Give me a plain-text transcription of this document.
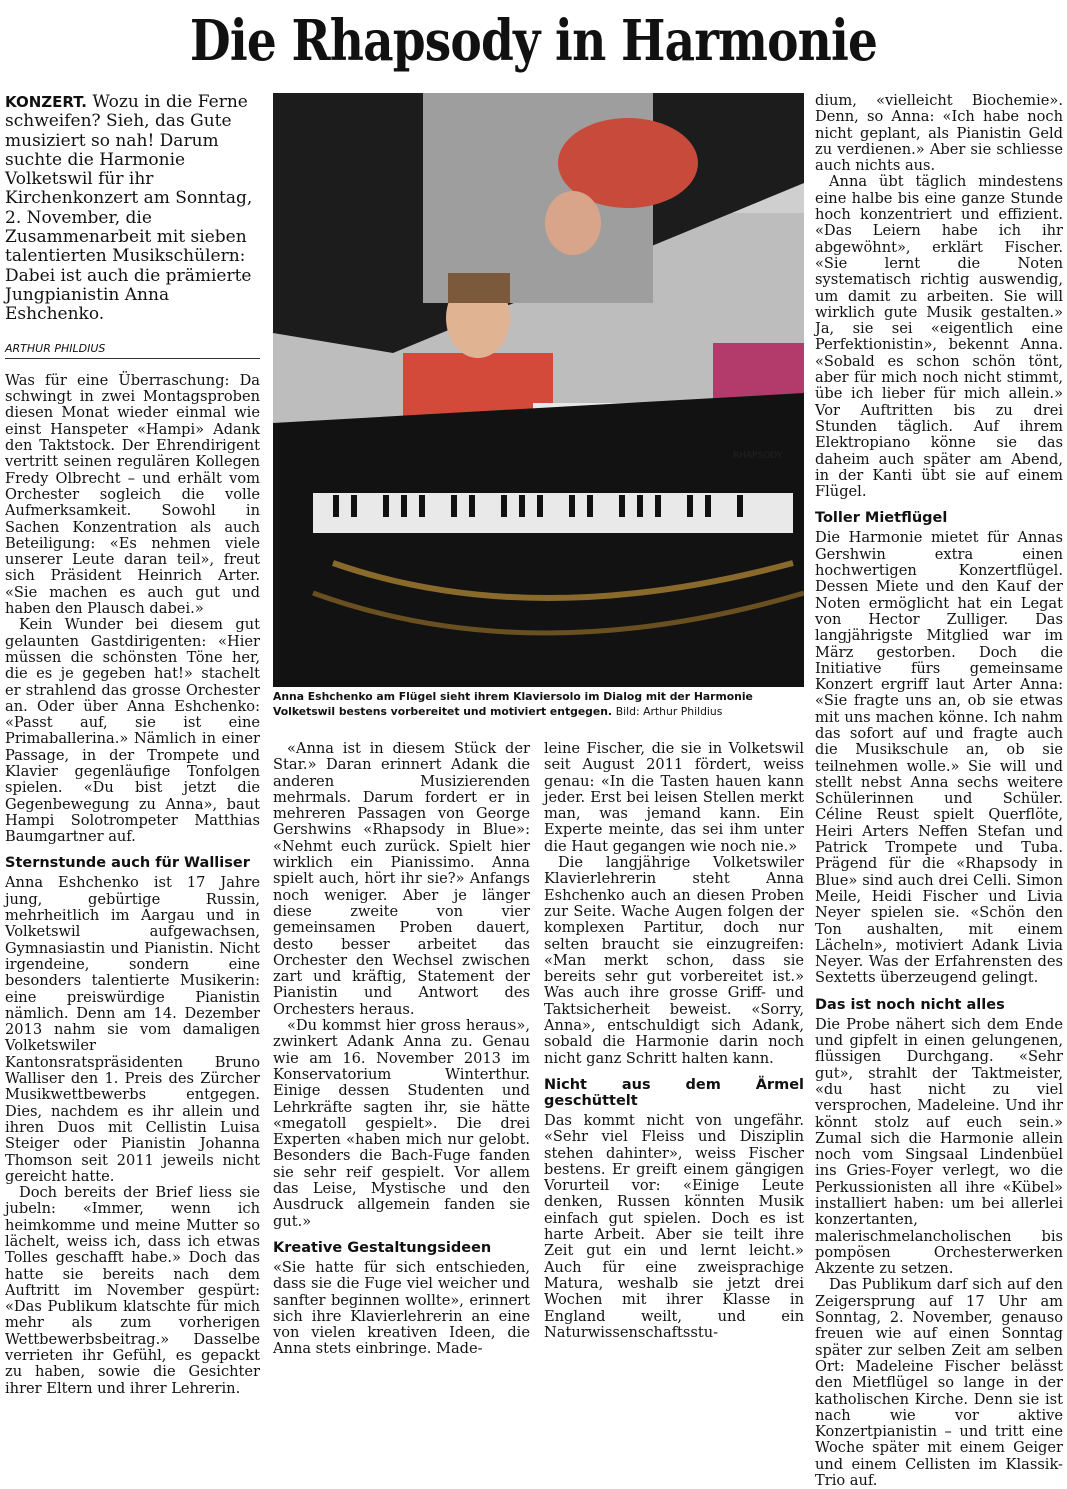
Die Rhapsody in Harmonie
KONZERT. Wozu in die Ferne schweifen? Sieh, das Gute musiziert so nah! Darum suchte die Harmonie Volketswil für ihr Kirchenkonzert am Sonntag, 2. November, die Zusammenarbeit mit sieben talentierten Musikschülern: Dabei ist auch die prämierte Jungpianistin Anna Eshchenko.
ARTHUR PHILDIUS

Was für eine Überraschung: Da schwingt in zwei Montagsproben diesen Monat wieder einmal wie einst Hanspeter «Hampi» Adank den Taktstock. Der Ehrendirigent vertritt seinen regulären Kollegen Fredy Olbrecht – und erhält vom Orchester sogleich die volle Aufmerksamkeit. Sowohl in Sachen Konzentration als auch Beteiligung: «Es nehmen viele unserer Leute daran teil», freut sich Präsident Heinrich Arter. «Sie machen es auch gut und haben den Plausch dabei.»

Kein Wunder bei diesem gut gelaunten Gastdirigenten: «Hier müssen die schönsten Töne her, die es je gegeben hat!» stachelt er strahlend das grosse Orchester an. Oder über Anna Eshchenko: «Passt auf, sie ist eine Primaballerina.» Nämlich in einer Passage, in der Trompete und Klavier gegenläufige Tonfolgen spielen. «Du bist jetzt die Gegenbewegung zu Anna», baut Hampi Solotrompeter Matthias Baumgartner auf.

Sternstunde auch für Walliser

Anna Eshchenko ist 17 Jahre jung, gebürtige Russin, mehrheitlich im Aargau und in Volketswil aufgewachsen, Gymnasiastin und Pianistin. Nicht irgendeine, sondern eine besonders talentierte Musikerin: eine preiswürdige Pianistin nämlich. Denn am 14. Dezember 2013 nahm sie vom damaligen Volketswiler Kantonsratspräsidenten Bruno Walliser den 1. Preis des Zürcher Musikwettbewerbs entgegen. Dies, nachdem es ihr allein und ihren Duos mit Cellistin Luisa Steiger oder Pianistin Johanna Thomson seit 2011 jeweils nicht gereicht hatte.

Doch bereits der Brief liess sie jubeln: «Immer, wenn ich heimkomme und meine Mutter so lächelt, weiss ich, dass ich etwas Tolles geschafft habe.» Doch das hatte sie bereits nach dem Auftritt im November gespürt: «Das Publikum klatschte für mich mehr als zum vorherigen Wettbewerbsbeitrag.» Dasselbe verrieten ihr Gefühl, es gepackt zu haben, sowie die Gesichter ihrer Eltern und ihrer Lehrerin.

RHAPSODY
Anna Eshchenko am Flügel sieht ihrem Klaviersolo im Dialog mit der Harmonie Volketswil bestens vorbereitet und motiviert entgegen. Bild: Arthur Phildius

«Anna ist in diesem Stück der Star.» Daran erinnert Adank die anderen Musizierenden mehrmals. Darum fordert er in mehreren Passagen von George Gershwins «Rhapsody in Blue»: «Nehmt euch zurück. Spielt hier wirklich ein Pianissimo. Anna spielt auch, hört ihr sie?» Anfangs noch weniger. Aber je länger diese zweite von vier gemeinsamen Proben dauert, desto besser arbeitet das Orchester den Wechsel zwischen zart und kräftig, Statement der Pianistin und Antwort des Orchesters heraus.

«Du kommst hier gross heraus», zwinkert Adank Anna zu. Genau wie am 16. November 2013 im Konservatorium Winterthur. Einige dessen Studenten und Lehrkräfte sagten ihr, sie hätte «megatoll gespielt». Die drei Experten «haben mich nur gelobt. Besonders die Bach-Fuge fanden sie sehr reif gespielt. Vor allem das Leise, Mystische und den Ausdruck allgemein fanden sie gut.»

Kreative Gestaltungsideen

«Sie hatte für sich entschieden, dass sie die Fuge viel weicher und sanfter beginnen wollte», erinnert sich ihre Klavierlehrerin an eine von vielen kreativen Ideen, die Anna stets einbringe. Made-

leine Fischer, die sie in Volketswil seit August 2011 fördert, weiss genau: «In die Tasten hauen kann jeder. Erst bei leisen Stellen merkt man, was jemand kann. Ein Experte meinte, das sei ihm unter die Haut gegangen wie noch nie.»

Die langjährige Volketswiler Klavierlehrerin steht Anna Eshchenko auch an diesen Proben zur Seite. Wache Augen folgen der komplexen Partitur, doch nur selten braucht sie einzugreifen: «Man merkt schon, dass sie bereits sehr gut vorbereitet ist.» Was auch ihre grosse Griff- und Taktsicherheit beweist. «Sorry, Anna», entschuldigt sich Adank, sobald die Harmonie darin noch nicht ganz Schritt halten kann.

Nicht aus dem Ärmel geschüttelt

Das kommt nicht von ungefähr. «Sehr viel Fleiss und Disziplin stehen dahinter», weiss Fischer bestens. Er greift einem gängigen Vorurteil vor: «Einige Leute denken, Russen könnten Musik einfach gut spielen. Doch es ist harte Arbeit. Aber sie teilt ihre Zeit gut ein und lernt leicht.» Auch für eine zweisprachige Matura, weshalb sie jetzt drei Wochen mit ihrer Klasse in England weilt, und ein Naturwissenschaftsstu-

dium, «vielleicht Biochemie». Denn, so Anna: «Ich habe noch nicht geplant, als Pianistin Geld zu verdienen.» Aber sie schliesse auch nichts aus.

Anna übt täglich mindestens eine halbe bis eine ganze Stunde hoch konzentriert und effizient. «Das Leiern habe ich ihr abgewöhnt», erklärt Fischer. «Sie lernt die Noten systematisch richtig auswendig, um damit zu arbeiten. Sie will wirklich gute Musik gestalten.» Ja, sie sei «eigentlich eine Perfektionistin», bekennt Anna. «Sobald es schon schön tönt, aber für mich noch nicht stimmt, übe ich lieber für mich allein.» Vor Auftritten bis zu drei Stunden täglich. Auf ihrem Elektropiano könne sie das daheim auch später am Abend, in der Kanti übt sie auf einem Flügel.

Toller Mietflügel

Die Harmonie mietet für Annas Gershwin extra einen hochwertigen Konzertflügel. Dessen Miete und den Kauf der Noten ermöglicht hat ein Legat von Hector Zulliger. Das langjährigste Mitglied war im März gestorben. Doch die Initiative fürs gemeinsame Konzert ergriff laut Arter Anna: «Sie fragte uns an, ob sie etwas mit uns machen könne. Ich nahm das sofort auf und fragte auch die Musikschule an, ob sie teilnehmen wolle.» Sie will und stellt nebst Anna sechs weitere Schülerinnen und Schüler. Céline Reust spielt Querflöte, Heiri Arters Neffen Stefan und Patrick Trompete und Tuba. Prägend für die «Rhapsody in Blue» sind auch drei Celli. Simon Meile, Heidi Fischer und Livia Neyer spielen sie. «Schön den Ton aushalten, mit einem Lächeln», motiviert Adank Livia Neyer. Was der Erfahrensten des Sextetts überzeugend gelingt.

Das ist noch nicht alles

Die Probe nähert sich dem Ende und gipfelt in einen gelungenen, flüssigen Durchgang. «Sehr gut», strahlt der Taktmeister, «du hast nicht zu viel versprochen, Madeleine. Und ihr könnt stolz auf euch sein.» Zumal sich die Harmonie allein noch vom Singsaal Lindenbüel ins Gries-Foyer verlegt, wo die Perkussionisten all ihre «Kübel» installiert haben: um bei allerlei konzertanten, malerischmelancholischen bis pompösen Orchesterwerken Akzente zu setzen.

Das Publikum darf sich auf den Zeigersprung auf 17 Uhr am Sonntag, 2. November, genauso freuen wie auf einen Sonntag später zur selben Zeit am selben Ort: Madeleine Fischer belässt den Mietflügel so lange in der katholischen Kirche. Denn sie ist nach wie vor aktive Konzertpianistin – und tritt eine Woche später mit einem Geiger und einem Cellisten im Klassik-Trio auf.
